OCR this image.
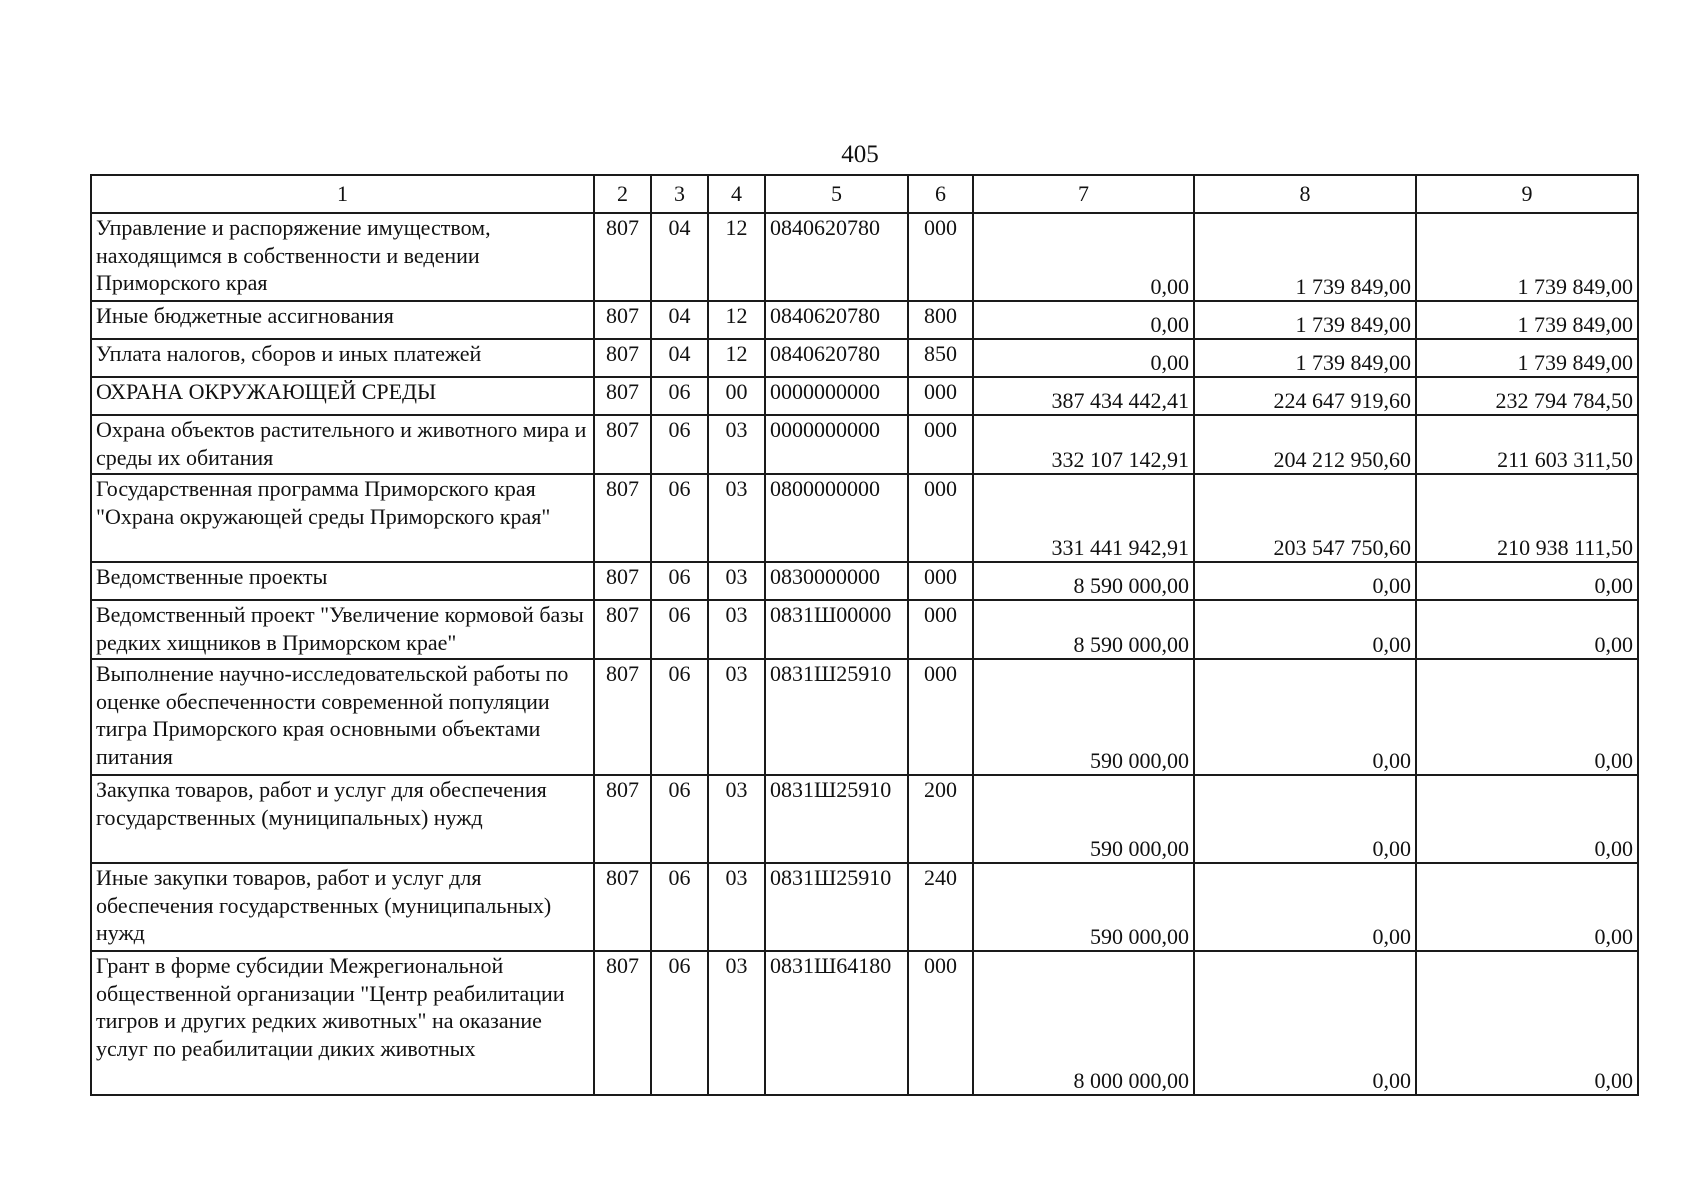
405
1	2	3	4	5	6	7	8	9
Управление и распоряжение имуществом, находящимся в собственности и ведении Приморского края	807	04	12	0840620780	000	0,00	1 739 849,00	1 739 849,00
Иные бюджетные ассигнования	807	04	12	0840620780	800	0,00	1 739 849,00	1 739 849,00
Уплата налогов, сборов и иных платежей	807	04	12	0840620780	850	0,00	1 739 849,00	1 739 849,00
ОХРАНА ОКРУЖАЮЩЕЙ СРЕДЫ	807	06	00	0000000000	000	387 434 442,41	224 647 919,60	232 794 784,50
Охрана объектов растительного и животного мира и среды их обитания	807	06	03	0000000000	000	332 107 142,91	204 212 950,60	211 603 311,50
Государственная программа Приморского края "Охрана окружающей среды Приморского края"	807	06	03	0800000000	000	331 441 942,91	203 547 750,60	210 938 111,50
Ведомственные проекты	807	06	03	0830000000	000	8 590 000,00	0,00	0,00
Ведомственный проект "Увеличение кормовой базы редких хищников в Приморском крае"	807	06	03	0831Ш00000	000	8 590 000,00	0,00	0,00
Выполнение научно-исследовательской работы по оценке обеспеченности современной популяции тигра Приморского края основными объектами питания	807	06	03	0831Ш25910	000	590 000,00	0,00	0,00
Закупка товаров, работ и услуг для обеспечения государственных (муниципальных) нужд	807	06	03	0831Ш25910	200	590 000,00	0,00	0,00
Иные закупки товаров, работ и услуг для обеспечения государственных (муниципальных) нужд	807	06	03	0831Ш25910	240	590 000,00	0,00	0,00
Грант в форме субсидии Межрегиональной общественной организации "Центр реабилитации тигров и других редких животных" на оказание услуг по реабилитации диких животных	807	06	03	0831Ш64180	000	8 000 000,00	0,00	0,00
